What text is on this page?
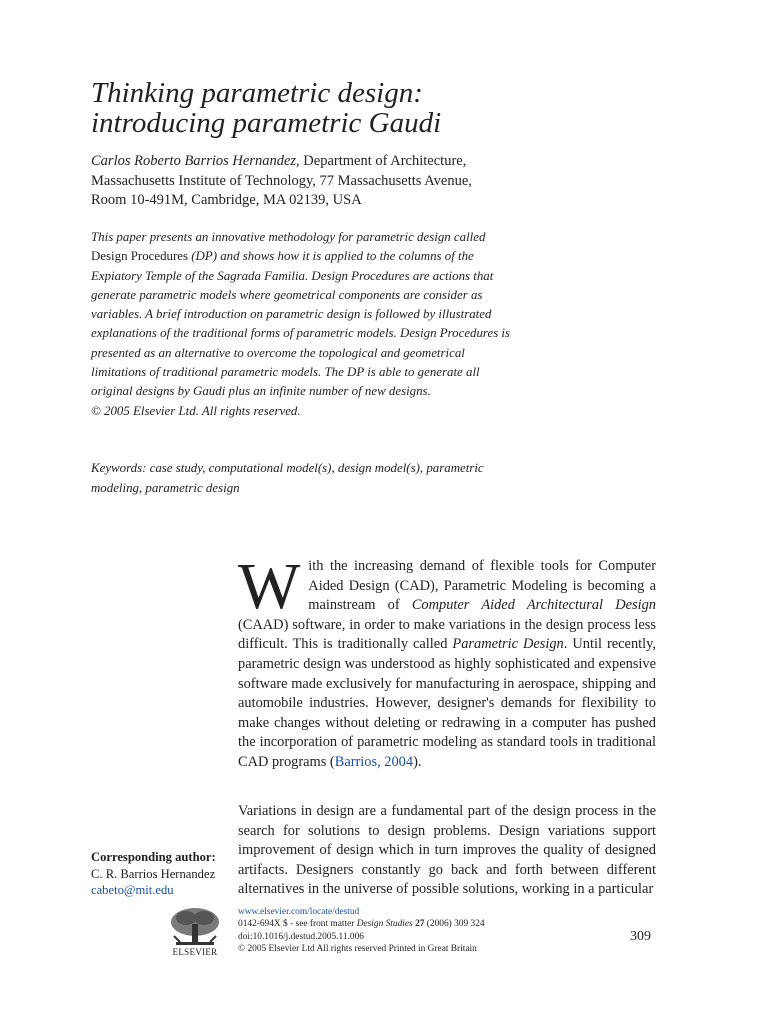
Thinking parametric design:
introducing parametric Gaudi
Carlos Roberto Barrios Hernandez, Department of Architecture,
Massachusetts Institute of Technology, 77 Massachusetts Avenue,
Room 10-491M, Cambridge, MA 02139, USA
This paper presents an innovative methodology for parametric design called Design Procedures (DP) and shows how it is applied to the columns of the Expiatory Temple of the Sagrada Familia. Design Procedures are actions that generate parametric models where geometrical components are consider as variables. A brief introduction on parametric design is followed by illustrated explanations of the traditional forms of parametric models. Design Procedures is presented as an alternative to overcome the topological and geometrical limitations of traditional parametric models. The DP is able to generate all original designs by Gaudi plus an infinite number of new designs.
© 2005 Elsevier Ltd. All rights reserved.
Keywords: case study, computational model(s), design model(s), parametric modeling, parametric design
With the increasing demand of flexible tools for Computer Aided Design (CAD), Parametric Modeling is becoming a mainstream of Computer Aided Architectural Design (CAAD) software, in order to make variations in the design process less difficult. This is traditionally called Parametric Design. Until recently, parametric design was understood as highly sophisticated and expensive software made exclusively for manufacturing in aerospace, shipping and automobile industries. However, designer's demands for flexibility to make changes without deleting or redrawing in a computer has pushed the incorporation of parametric modeling as standard tools in traditional CAD programs (Barrios, 2004).
Variations in design are a fundamental part of the design process in the search for solutions to design problems. Design variations support improvement of design which in turn improves the quality of designed artifacts. Designers constantly go back and forth between different alternatives in the universe of possible solutions, working in a particular
Corresponding author:
C. R. Barrios Hernandez
cabeto@mit.edu
ELSEVIER
www.elsevier.com/locate/destud
0142-694X $ - see front matter Design Studies 27 (2006) 309 324
doi:10.1016/j.destud.2005.11.006
© 2005 Elsevier Ltd All rights reserved Printed in Great Britain
309
